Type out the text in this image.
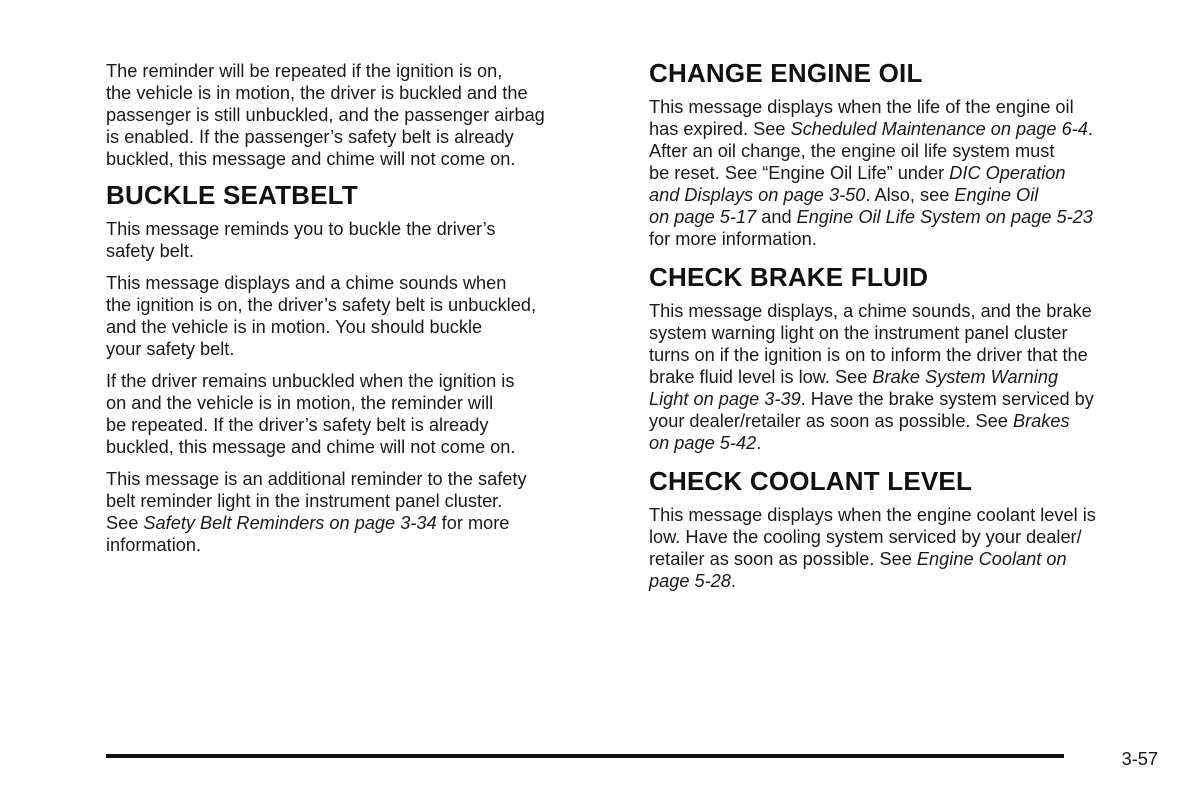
The reminder will be repeated if the ignition is on,
the vehicle is in motion, the driver is buckled and the
passenger is still unbuckled, and the passenger airbag
is enabled. If the passenger’s safety belt is already
buckled, this message and chime will not come on.

BUCKLE SEATBELT

This message reminds you to buckle the driver’s
safety belt.

This message displays and a chime sounds when
the ignition is on, the driver’s safety belt is unbuckled,
and the vehicle is in motion. You should buckle
your safety belt.

If the driver remains unbuckled when the ignition is
on and the vehicle is in motion, the reminder will
be repeated. If the driver’s safety belt is already
buckled, this message and chime will not come on.

This message is an additional reminder to the safety
belt reminder light in the instrument panel cluster.
See Safety Belt Reminders on page 3-34 for more
information.

CHANGE ENGINE OIL

This message displays when the life of the engine oil
has expired. See Scheduled Maintenance on page 6-4.
After an oil change, the engine oil life system must
be reset. See “Engine Oil Life” under DIC Operation
and Displays on page 3-50. Also, see Engine Oil
on page 5-17 and Engine Oil Life System on page 5-23
for more information.

CHECK BRAKE FLUID

This message displays, a chime sounds, and the brake
system warning light on the instrument panel cluster
turns on if the ignition is on to inform the driver that the
brake fluid level is low. See Brake System Warning
Light on page 3-39. Have the brake system serviced by
your dealer/retailer as soon as possible. See Brakes
on page 5-42.

CHECK COOLANT LEVEL

This message displays when the engine coolant level is
low. Have the cooling system serviced by your dealer/
retailer as soon as possible. See Engine Coolant on
page 5-28.

3-57
